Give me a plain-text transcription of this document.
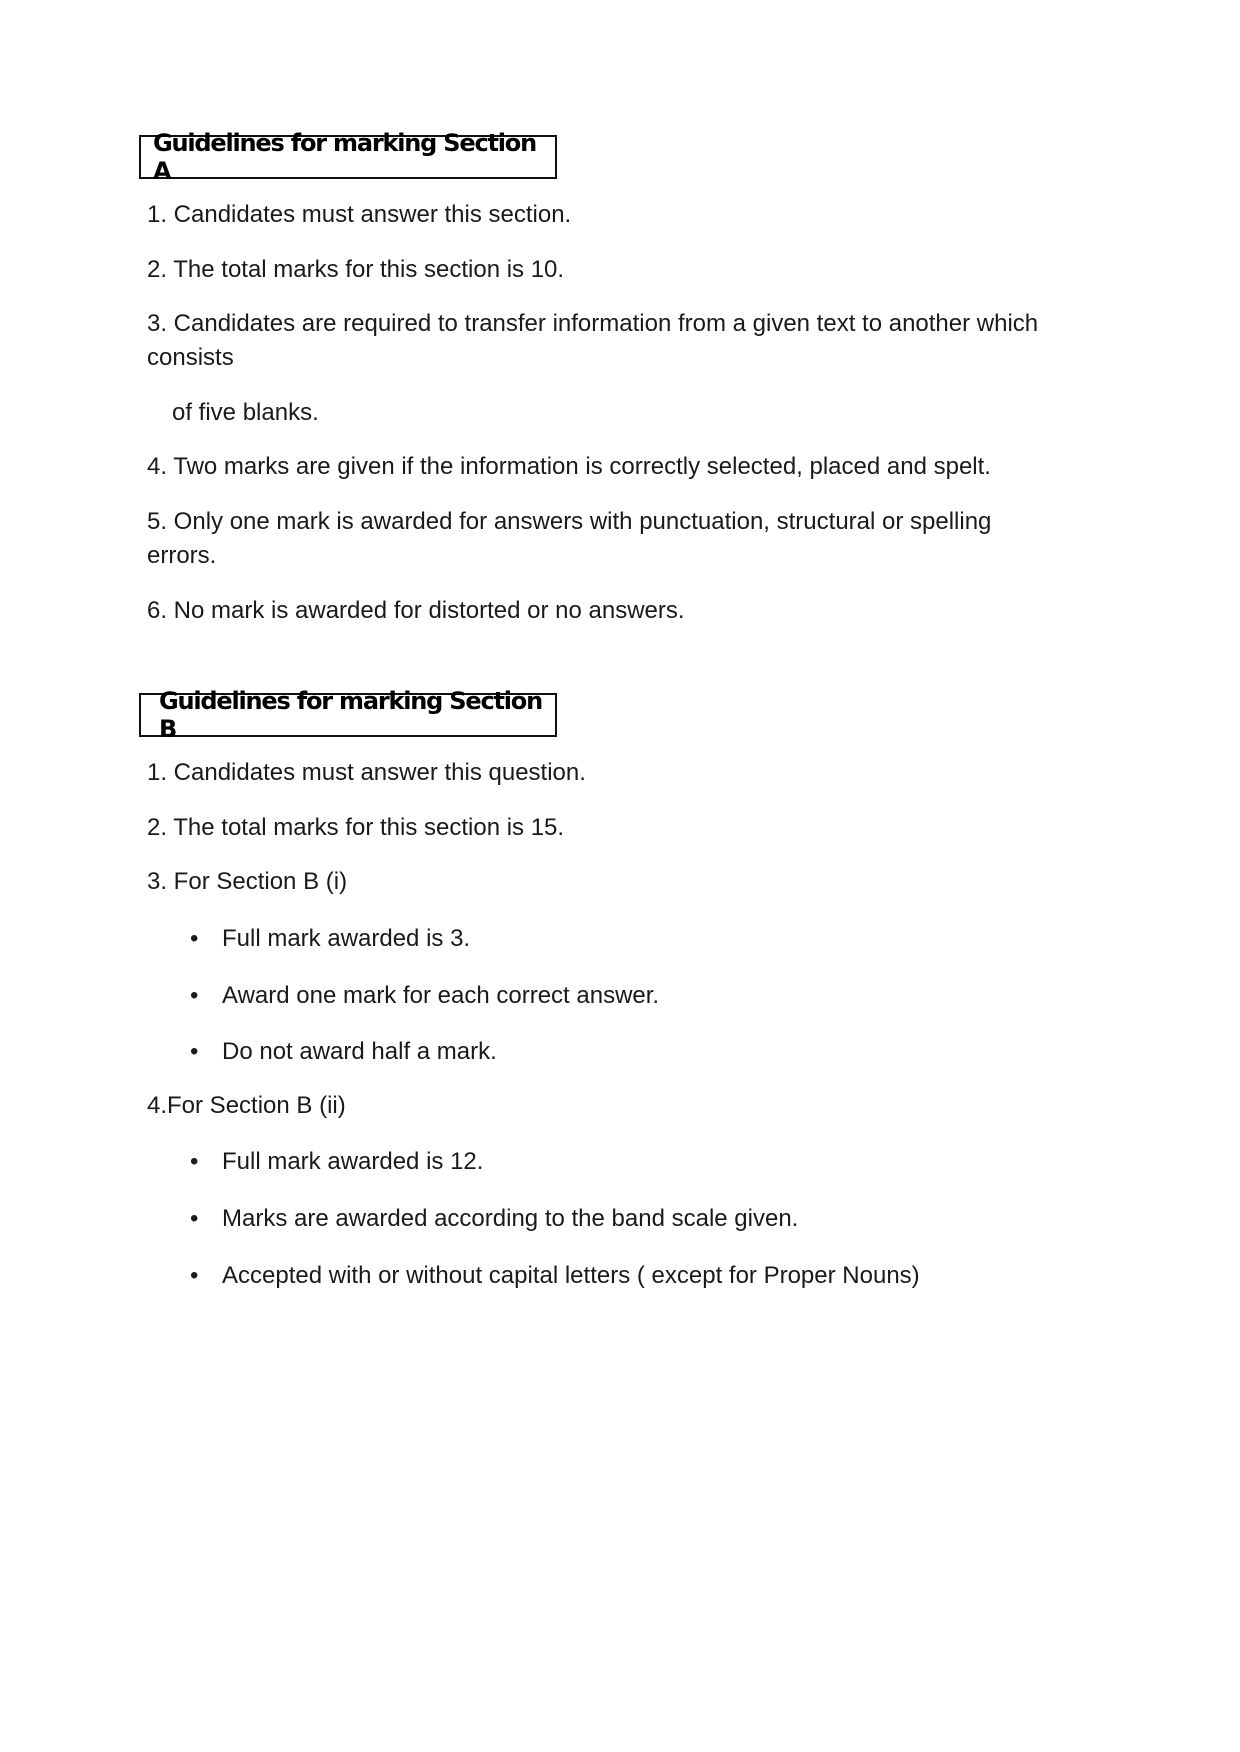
Guidelines for marking Section A
1. Candidates must answer this section.
2. The total marks for this section is 10.
3. Candidates are required to transfer information from a given text to another which
consists
of five blanks.
4. Two marks are given if the information is correctly selected, placed and spelt.
5. Only one mark is awarded for answers with punctuation, structural or spelling
errors.
6. No mark is awarded for distorted or no answers.
Guidelines for marking Section B
1. Candidates must answer this question.
2. The total marks for this section is 15.
3. For Section B (i)
• Full mark awarded is 3.
• Award one mark for each correct answer.
• Do not award half a mark.
4.For Section B (ii)
• Full mark awarded is 12.
• Marks are awarded according to the band scale given.
• Accepted with or without capital letters ( except for Proper Nouns)
